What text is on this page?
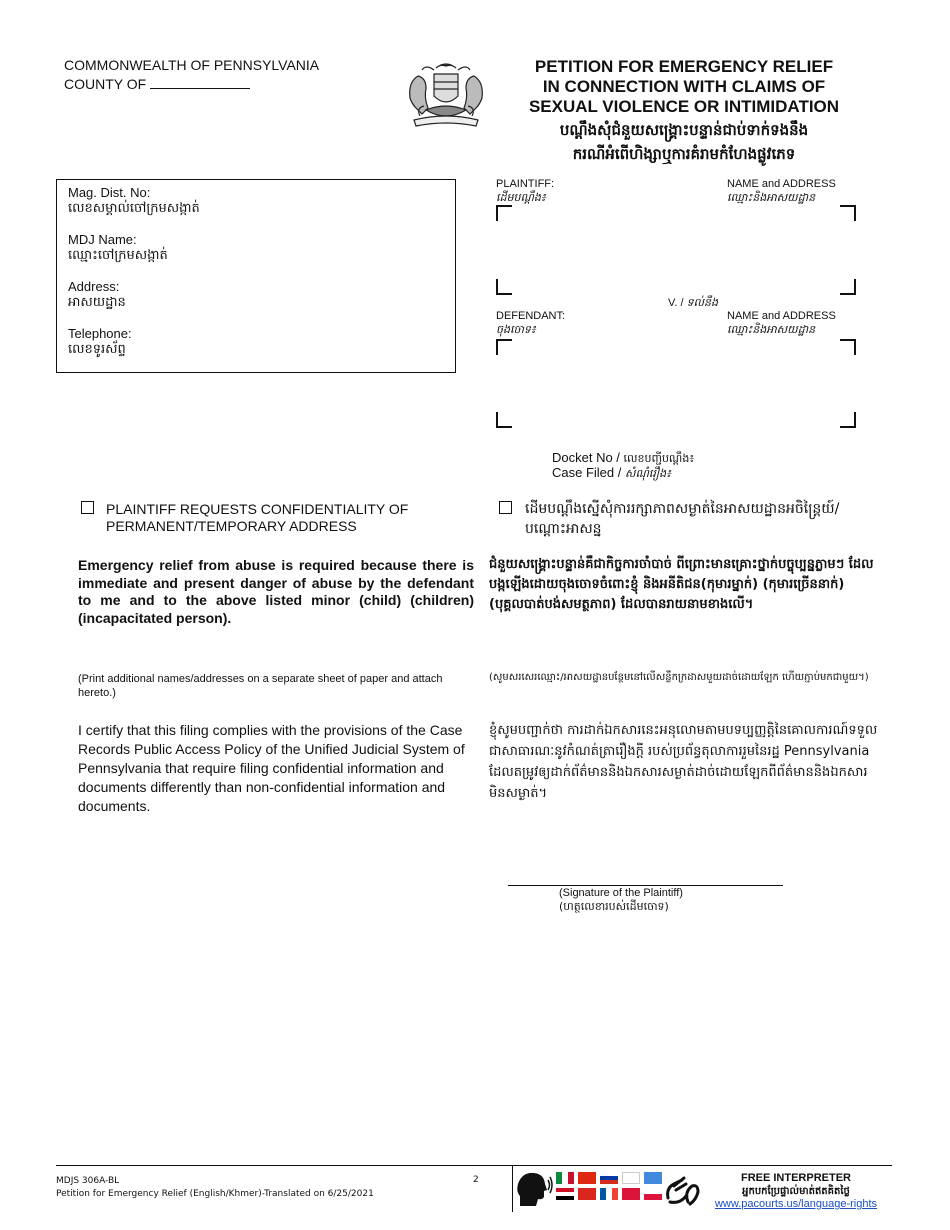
COMMONWEALTH OF PENNSYLVANIA
COUNTY OF
PETITION FOR EMERGENCY RELIEF
IN CONNECTION WITH CLAIMS OF
SEXUAL VIOLENCE OR INTIMIDATION
បណ្តឹងសុំជំនួយសង្រ្គោះបន្ទាន់ជាប់ទាក់ទងនឹង
ករណីអំពើហិង្សាឬការគំរាមកំហែងផ្លូវភេទ
Mag. Dist. No:
លេខសម្គាល់ចៅក្រមសង្កាត់
MDJ Name:
ឈ្មោះចៅក្រមសង្កាត់
Address:
អាសយដ្ឋាន
Telephone:
លេខទូរស័ព្ទ
PLAINTIFF:
ដើមបណ្តឹង៖
NAME and ADDRESS
ឈ្មោះនិងអាសយដ្ឋាន
V. / ទល់នឹង
DEFENDANT:
ចុងចោទ៖
NAME and ADDRESS
ឈ្មោះនិងអាសយដ្ឋាន
Docket No / លេខបញ្ជីបណ្តឹង៖
Case Filed / សំណុំរឿង៖
PLAINTIFF REQUESTS CONFIDENTIALITY OF PERMANENT/TEMPORARY ADDRESS
ដើមបណ្តឹងស្នើសុំការរក្សាភាពសម្ងាត់នៃអាសយដ្ឋានអចិន្ត្រៃយ៍/បណ្តោះអាសន្ន
Emergency relief from abuse is required because there is immediate and present danger of abuse by the defendant to me and to the above listed minor (child) (children) (incapacitated person).
ជំនួយសង្គ្រោះបន្ទាន់គឺជាកិច្ចការចាំបាច់ ពីព្រោះមានគ្រោះថ្នាក់បច្ចុប្បន្នភ្លាមៗ ដែលបង្កឡើងដោយចុងចោទចំពោះខ្ញុំ និងអនីតិជន(កុមារម្នាក់) (កុមារច្រើននាក់) (បុគ្គលបាត់បង់សមត្ថភាព) ដែលបានរាយនាមខាងលើ។
(Print additional names/addresses on a separate sheet of paper and attach hereto.)
(សូមសរសេរឈ្មោះ/អាសយដ្ឋានបន្ថែមនៅលើសន្លឹកក្រដាសមួយដាច់ដោយឡែក ហើយភ្ជាប់មកជាមួយ។)
I certify that this filing complies with the provisions of the Case Records Public Access Policy of the Unified Judicial System of Pennsylvania that require filing confidential information and documents differently than non-confidential information and documents.
ខ្ញុំសូមបញ្ជាក់ថា ការដាក់ឯកសារនេះអនុលោមតាមបទប្បញ្ញត្តិនៃគោលការណ៍ទទួលជាសាធារណៈនូវកំណត់ត្រារឿងក្តី របស់ប្រព័ន្ធតុលាការរួមនៃរដ្ឋ Pennsylvania ដែលតម្រូវឲ្យដាក់ព័ត៌មាននិងឯកសារសម្ងាត់ដាច់ដោយឡែកពីព័ត៌មាននិងឯកសារមិនសម្ងាត់។
(Signature of the Plaintiff)
(ហត្ថលេខារបស់ដើមចោទ)
MDJS 306A-BL
Petition for Emergency Relief (English/Khmer)-Translated on 6/25/2021
2	FREE INTERPRETER
អ្នកបកប្រែផ្ទាល់មាត់ឥតគិតថ្លៃ
www.pacourts.us/language-rights
